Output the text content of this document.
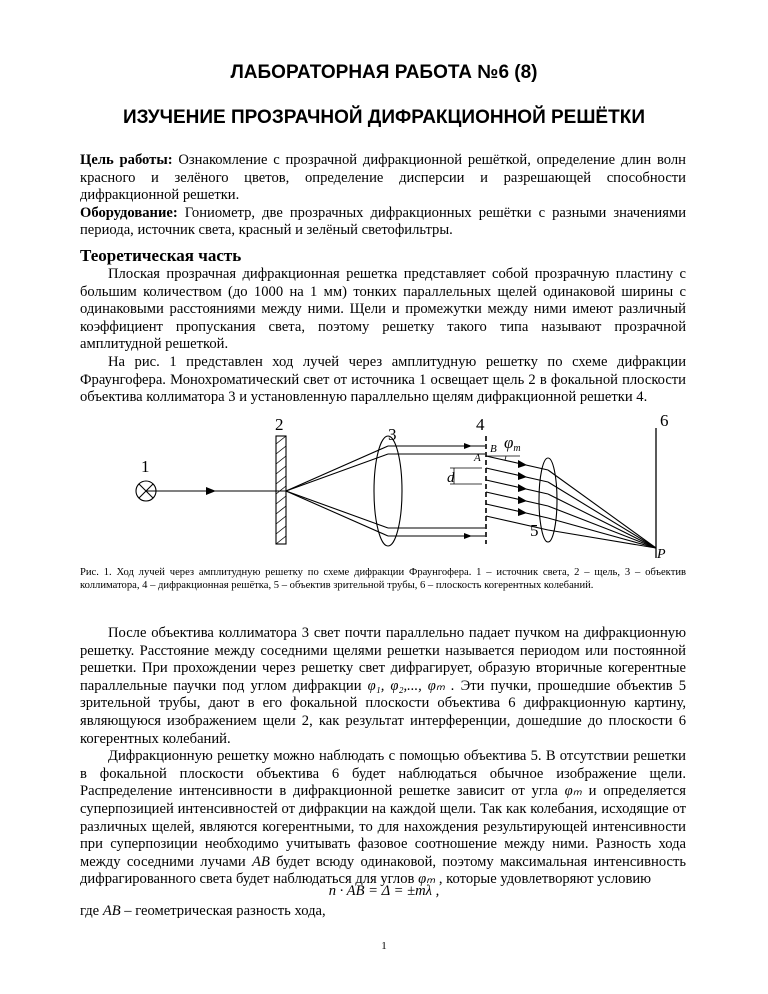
ЛАБОРАТОРНАЯ РАБОТА №6 (8)
ИЗУЧЕНИЕ ПРОЗРАЧНОЙ ДИФРАКЦИОННОЙ РЕШЁТКИ

Цель работы: Ознакомление с прозрачной дифракционной решёткой, определение длин волн красного и зелёного цветов, определение дисперсии и разрешающей способности дифракционной решетки.

Оборудование: Гониометр, две прозрачных дифракционных решётки с разными значениями периода, источник света, красный и зелёный светофильтры.

Теоретическая часть

Плоская прозрачная дифракционная решетка представляет собой прозрачную пластину с большим количеством (до 1000 на 1 мм) тонких параллельных щелей одинаковой ширины с одинаковыми расстояниями между ними. Щели и промежутки между ними имеют различный коэффициент пропускания света, поэтому решетку такого типа называют прозрачной амплитудной решеткой.

На рис. 1 представлен ход лучей через амплитудную решетку по схеме дифракции Фраунгофера. Монохроматический свет от источника 1 освещает щель 2 в фокальной плоскости объектива коллиматора 3 и установленную параллельно щелям дифракционной решетки 4.

1
2
3
4
5
6
d
A
B φm
P
Рис. 1. Ход лучей через амплитудную решетку по схеме дифракции Фраунгофера. 1 – источник света, 2 – щель, 3 – объектив коллиматора, 4 – дифракционная решётка, 5 – объектив зрительной трубы, 6 – плоскость когерентных колебаний.

После объектива коллиматора 3 свет почти параллельно падает пучком на дифракционную решетку. Расстояние между соседними щелями решетки называется периодом или постоянной решетки. При прохождении через решетку свет дифрагирует, образую вторичные когерентные параллельные паучки под углом дифракции φ₁, φ₂,..., φₘ . Эти пучки, прошедшие объектив 5 зрительной трубы, дают в его фокальной плоскости объектива 6 дифракционную картину, являющуюся изображением щели 2, как результат интерференции, дошедшие до плоскости 6 когерентных колебаний.

Дифракционную решетку можно наблюдать с помощью объектива 5. В отсутствии решетки в фокальной плоскости объектива 6 будет наблюдаться обычное изображение щели. Распределение интенсивности в дифракционной решетке зависит от угла φₘ и определяется суперпозицией интенсивностей от дифракции на каждой щели. Так как колебания, исходящие от различных щелей, являются когерентными, то для нахождения результирующей интенсивности при суперпозиции необходимо учитывать фазовое соотношение между ними. Разность хода между соседними лучами AB будет всюду одинаковой, поэтому максимальная интенсивность дифрагированного света будет наблюдаться для углов φₘ , которые удовлетворяют условию

n · AB = Δ = ±mλ ,

где AB – геометрическая разность хода,

1
